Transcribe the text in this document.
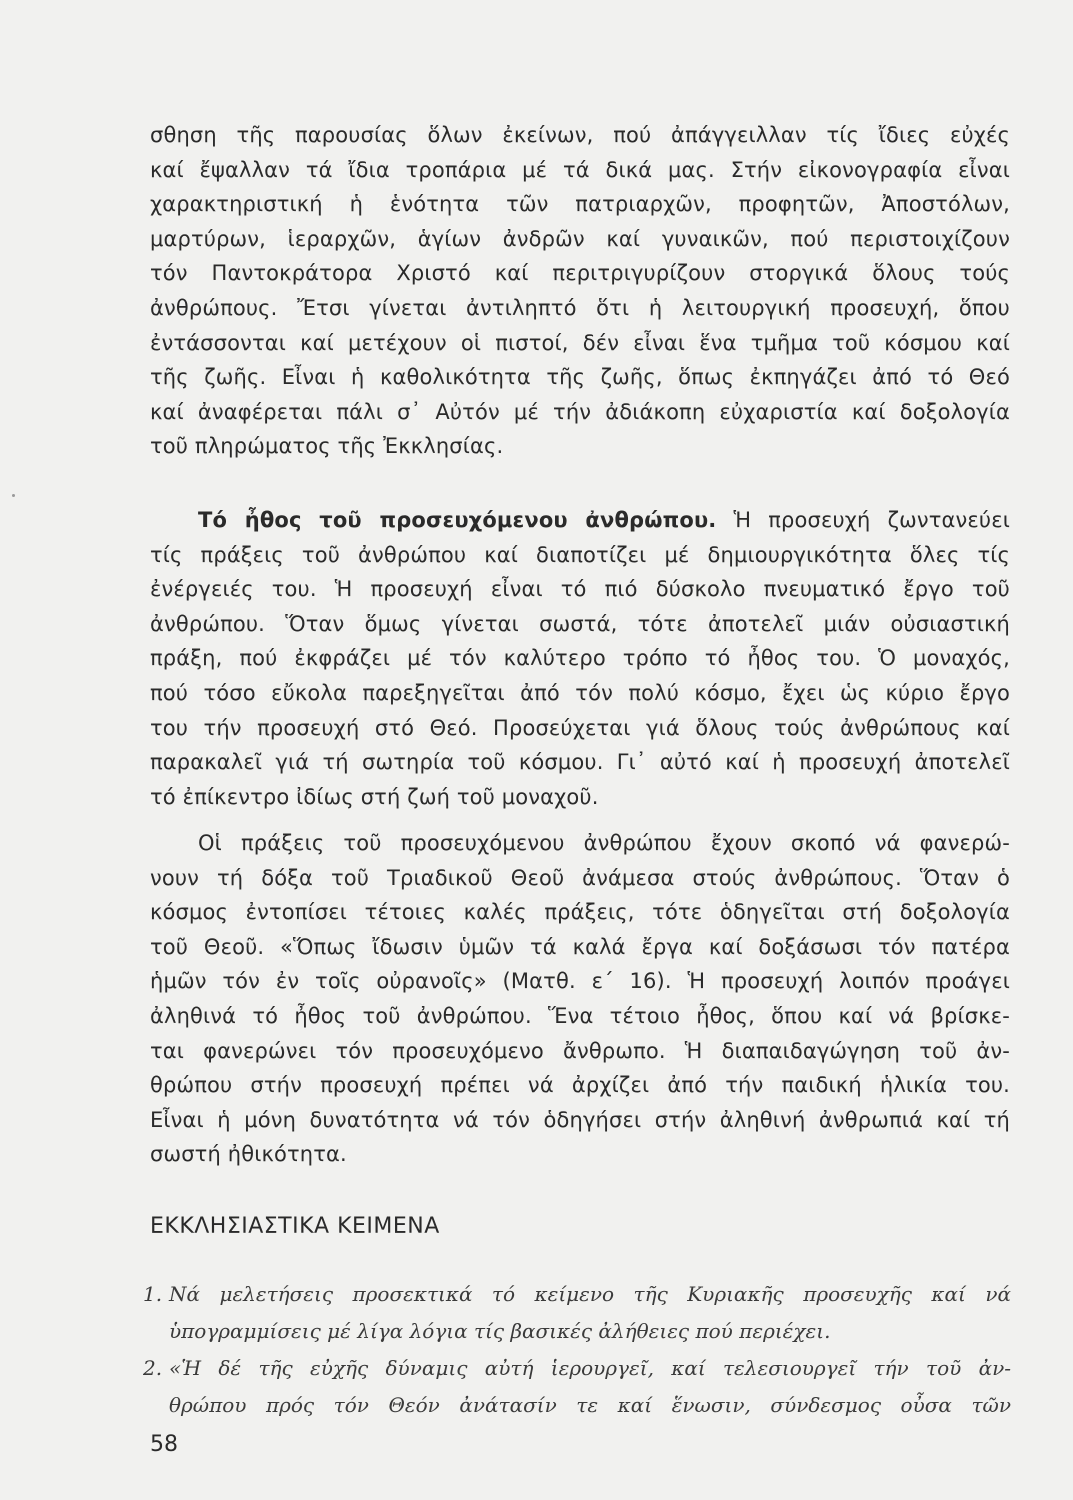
σθηση τῆς παρουσίας ὅλων ἐκείνων, πού ἀπάγγειλλαν τίς ἴδιες εὐχές
καί ἔψαλλαν τά ἴδια τροπάρια μέ τά δικά μας. Στήν εἰκονογραφία εἶναι
χαρακτηριστική ἡ ἑνότητα τῶν πατριαρχῶν, προφητῶν, Ἀποστόλων,
μαρτύρων, ἱεραρχῶν, ἁγίων ἀνδρῶν καί γυναικῶν, πού περιστοιχίζουν
τόν Παντοκράτορα Χριστό καί περιτριγυρίζουν στοργικά ὅλους τούς
ἀνθρώπους. Ἔτσι γίνεται ἀντιληπτό ὅτι ἡ λειτουργική προσευχή, ὅπου
ἐντάσσονται καί μετέχουν οἱ πιστοί, δέν εἶναι ἕνα τμῆμα τοῦ κόσμου καί
τῆς ζωῆς. Εἶναι ἡ καθολικότητα τῆς ζωῆς, ὅπως ἐκπηγάζει ἀπό τό Θεό
καί ἀναφέρεται πάλι σ᾽ Αὐτόν μέ τήν ἀδιάκοπη εὐχαριστία καί δοξολογία
τοῦ πληρώματος τῆς Ἐκκλησίας.
Τό ἦθος τοῦ προσευχόμενου ἀνθρώπου. Ἡ προσευχή ζωντανεύει
τίς πράξεις τοῦ ἀνθρώπου καί διαποτίζει μέ δημιουργικότητα ὅλες τίς
ἐνέργειές του. Ἡ προσευχή εἶναι τό πιό δύσκολο πνευματικό ἔργο τοῦ
ἀνθρώπου. Ὅταν ὅμως γίνεται σωστά, τότε ἀποτελεῖ μιάν οὐσιαστική
πράξη, πού ἐκφράζει μέ τόν καλύτερο τρόπο τό ἦθος του. Ὁ μοναχός,
πού τόσο εὔκολα παρεξηγεῖται ἀπό τόν πολύ κόσμο, ἔχει ὡς κύριο ἔργο
του τήν προσευχή στό Θεό. Προσεύχεται γιά ὅλους τούς ἀνθρώπους καί
παρακαλεῖ γιά τή σωτηρία τοῦ κόσμου. Γι᾽ αὐτό καί ἡ προσευχή ἀποτελεῖ
τό ἐπίκεντρο ἰδίως στή ζωή τοῦ μοναχοῦ.
Οἱ πράξεις τοῦ προσευχόμενου ἀνθρώπου ἔχουν σκοπό νά φανερώ-
νουν τή δόξα τοῦ Τριαδικοῦ Θεοῦ ἀνάμεσα στούς ἀνθρώπους. Ὅταν ὁ
κόσμος ἐντοπίσει τέτοιες καλές πράξεις, τότε ὁδηγεῖται στή δοξολογία
τοῦ Θεοῦ. «Ὅπως ἴδωσιν ὑμῶν τά καλά ἔργα καί δοξάσωσι τόν πατέρα
ἡμῶν τόν ἐν τοῖς οὐρανοῖς» (Ματθ. ε´ 16). Ἡ προσευχή λοιπόν προάγει
ἀληθινά τό ἦθος τοῦ ἀνθρώπου. Ἕνα τέτοιο ἦθος, ὅπου καί νά βρίσκε-
ται φανερώνει τόν προσευχόμενο ἄνθρωπο. Ἡ διαπαιδαγώγηση τοῦ ἀν-
θρώπου στήν προσευχή πρέπει νά ἀρχίζει ἀπό τήν παιδική ἡλικία του.
Εἶναι ἡ μόνη δυνατότητα νά τόν ὁδηγήσει στήν ἀληθινή ἀνθρωπιά καί τή
σωστή ἠθικότητα.
ΕΚΚΛΗΣΙΑΣΤΙΚΑ ΚΕΙΜΕΝΑ
1. Νά μελετήσεις προσεκτικά τό κείμενο τῆς Κυριακῆς προσευχῆς καί νά
ὑπογραμμίσεις μέ λίγα λόγια τίς βασικές ἀλήθειες πού περιέχει.
2. «Ἡ δέ τῆς εὐχῆς δύναμις αὐτή ἱερουργεῖ, καί τελεσιουργεῖ τήν τοῦ ἀν-
θρώπου πρός τόν Θεόν ἀνάτασίν τε καί ἕνωσιν, σύνδεσμος οὖσα τῶν
58
